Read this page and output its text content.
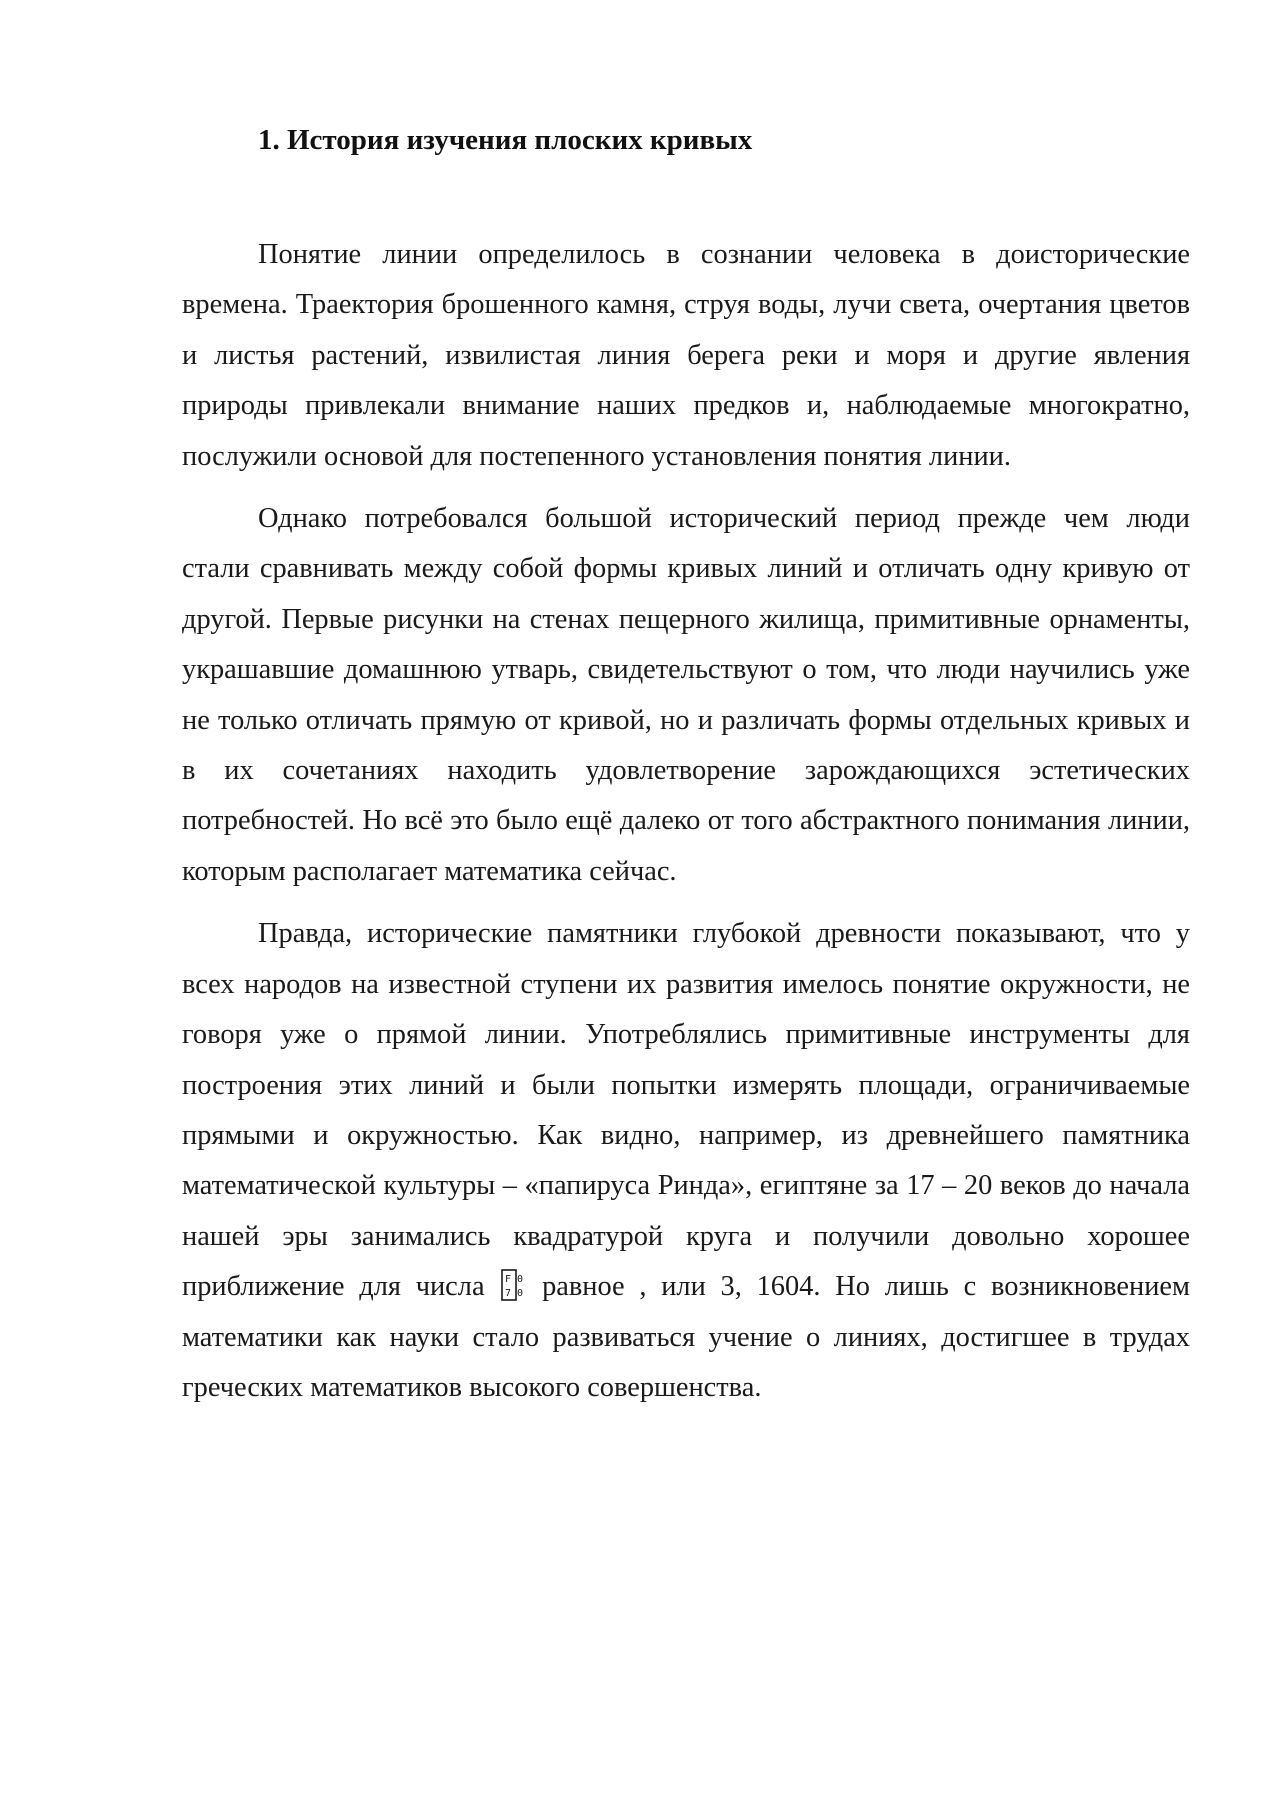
1. История изучения плоских кривых

Понятие линии определилось в сознании человека в доисторические времена. Траектория брошенного камня, струя воды, лучи света, очертания цветов и листья растений, извилистая линия берега реки и моря и другие явления природы привлекали внимание наших предков и, наблюдаемые многократно, послужили основой для постепенного установления понятия линии.

Однако потребовался большой исторический период прежде чем люди стали сравнивать между собой формы кривых линий и отличать одну кривую от другой. Первые рисунки на стенах пещерного жилища, примитивные орнаменты, украшавшие домашнюю утварь, свидетельствуют о том, что люди научились уже не только отличать прямую от кривой, но и различать формы отдельных кривых и в их сочетаниях находить удовлетворение зарождающихся эстетических потребностей. Но всё это было ещё далеко от того абстрактного понимания линии, которым располагает математика сейчас.

Правда, исторические памятники глубокой древности показывают, что у всех народов на известной ступени их развития имелось понятие окружности, не говоря уже о прямой линии. Употреблялись примитивные инструменты для построения этих линий и были попытки измерять площади, ограничиваемые прямыми и окружностью. Как видно, например, из древнейшего памятника математической культуры – «папируса Ринда», египтяне за 17 – 20 веков до начала нашей эры занимались квадратурой круга и получили довольно хорошее приближение для числа F
7
0
0 равное , или 3, 1604. Но лишь с возникновением математики как науки стало развиваться учение о линиях, достигшее в трудах греческих математиков высокого совершенства.
